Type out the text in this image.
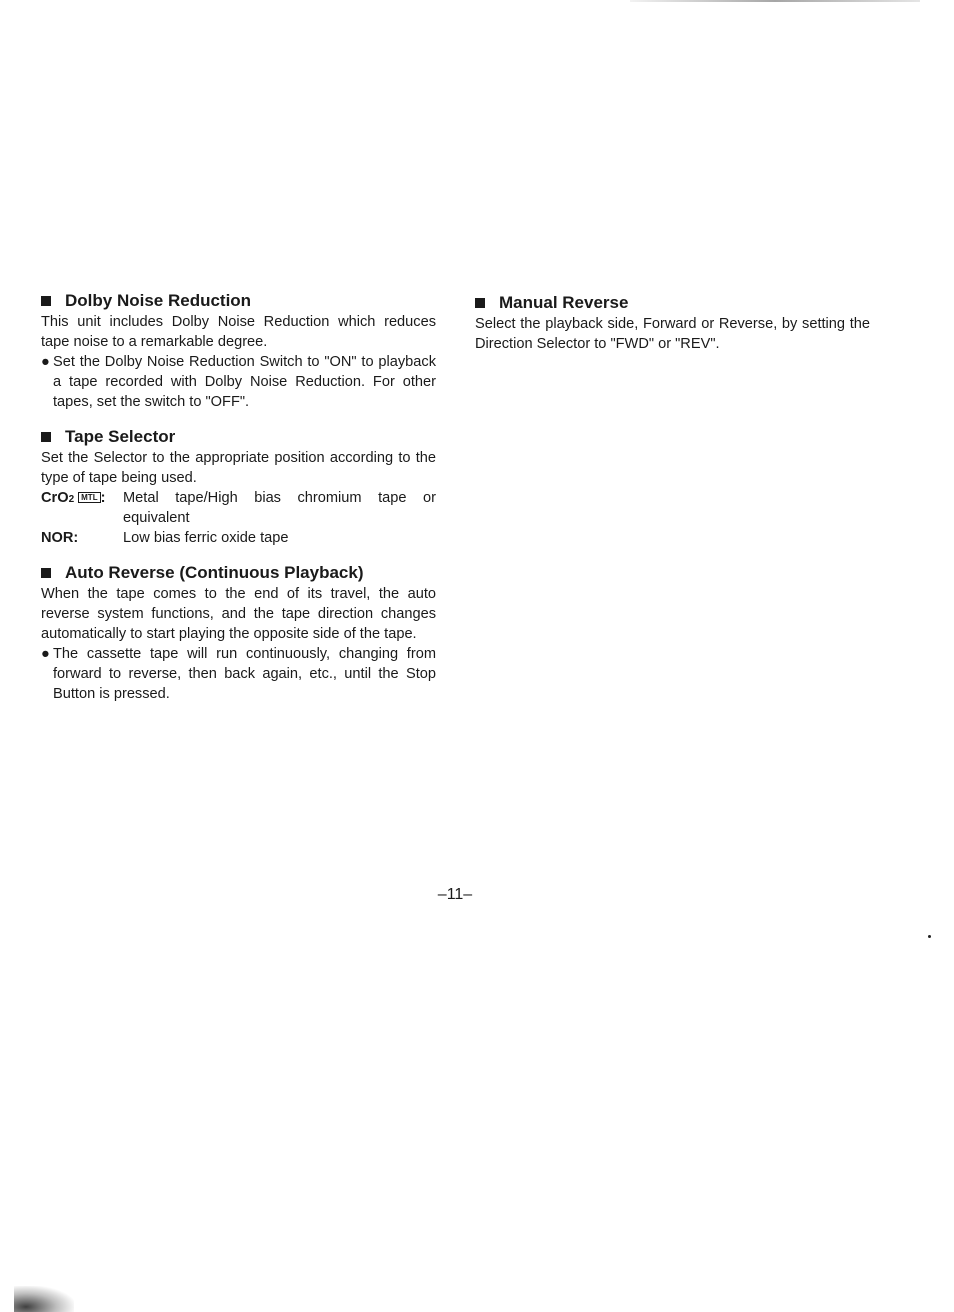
Dolby Noise Reduction

This unit includes Dolby Noise Reduction which reduces tape noise to a remarkable degree.

● Set the Dolby Noise Reduction Switch to "ON" to playback a tape recorded with Dolby Noise Reduction. For other tapes, set the switch to "OFF".

Tape Selector

Set the Selector to the appropriate position according to the type of tape being used.

CrO2 MTL :	Metal tape/High bias chromium tape or equivalent
NOR:	Low bias ferric oxide tape
Auto Reverse (Continuous Playback)

When the tape comes to the end of its travel, the auto reverse system functions, and the tape direction changes automatically to start playing the opposite side of the tape.

● The cassette tape will run continuously, changing from forward to reverse, then back again, etc., until the Stop Button is pressed.

Manual Reverse

Select the playback side, Forward or Reverse, by setting the Direction Selector to "FWD" or "REV".

–11–
